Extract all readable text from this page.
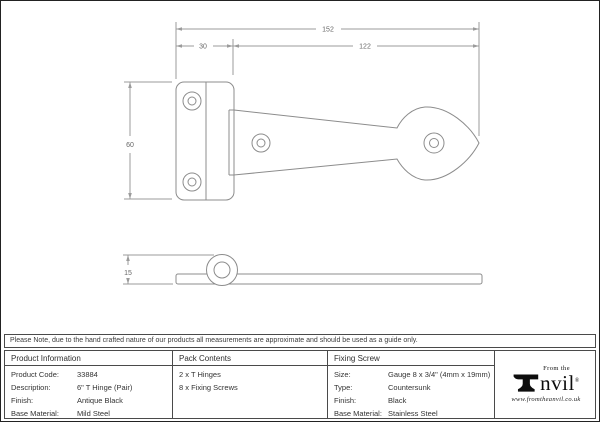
152
30	122
60
15
Please Note, due to the hand crafted nature of our products all measurements are approximate and should be used as a guide only.
Product Information
Product Code: 33884
Description:	6" T Hinge (Pair)
Finish:	Antique Black
Base Material: Mild Steel
Pack Contents
2 x T Hinges
8 x Fixing Screws
Fixing Screw
Size:	Gauge 8 x 3/4" (4mm x 19mm)
Type:	Countersunk
Finish:	Black
Base Material: Stainless Steel
From the
nvil®
www.fromtheanvil.co.uk
